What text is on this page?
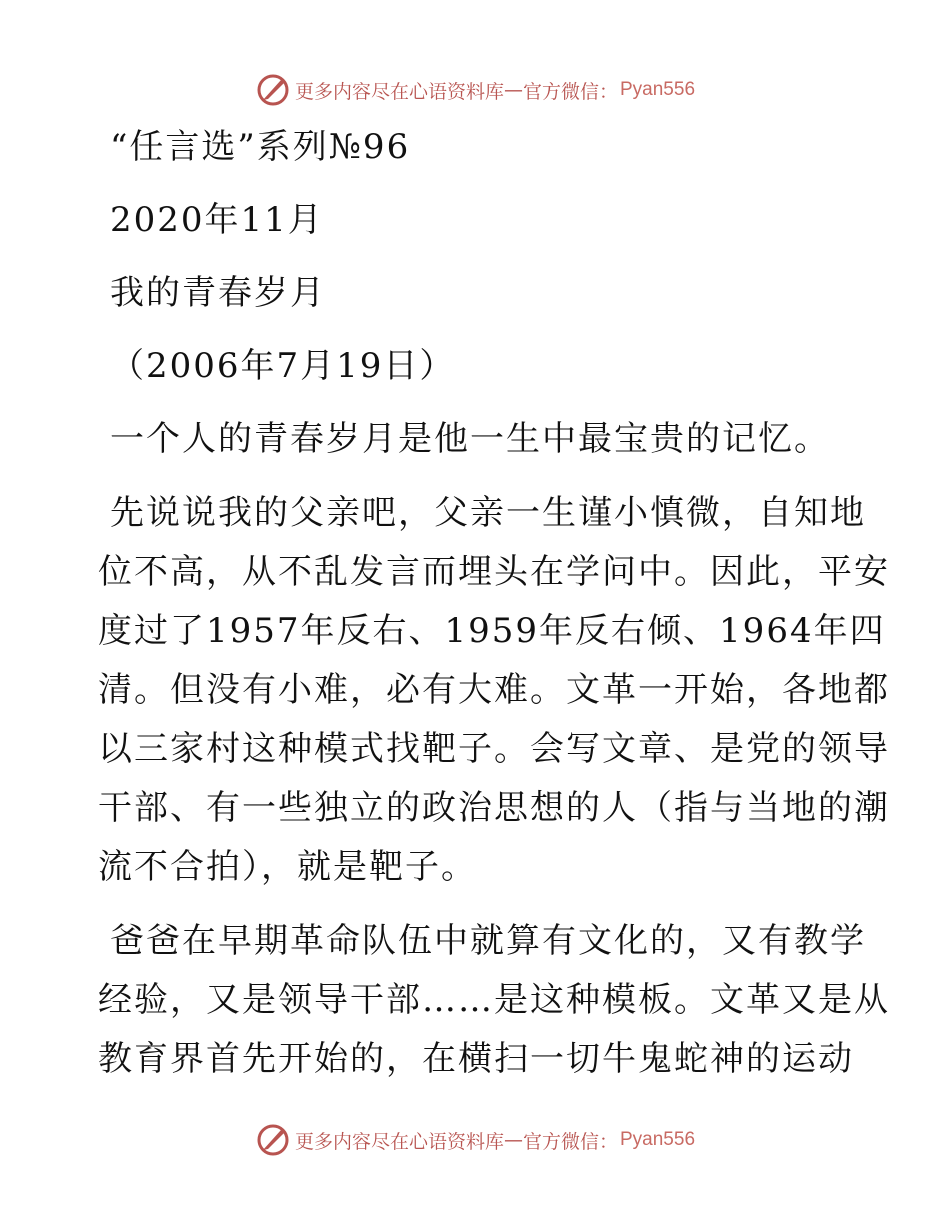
更多内容尽在心语资料库 — 官方微信： Pyan556
“任言选”系列№96
2020年11月
我的青春岁月
（2006年7月19日）
一个人的青春岁月是他一生中最宝贵的记忆。
先说说我的父亲吧，父亲一生谨小慎微，自知地
位不高，从不乱发言而埋头在学问中。因此，平安
度过了1957年反右、1959年反右倾、1964年四
清。但没有小难，必有大难。文革一开始，各地都
以三家村这种模式找靶子。会写文章、是党的领导
干部、有一些独立的政治思想的人（指与当地的潮
流不合拍），就是靶子。
爸爸在早期革命队伍中就算有文化的，又有教学
经验，又是领导干部……是这种模板。文革又是从
教育界首先开始的，在横扫一切牛鬼蛇神的运动
更多内容尽在心语资料库 — 官方微信： Pyan556
